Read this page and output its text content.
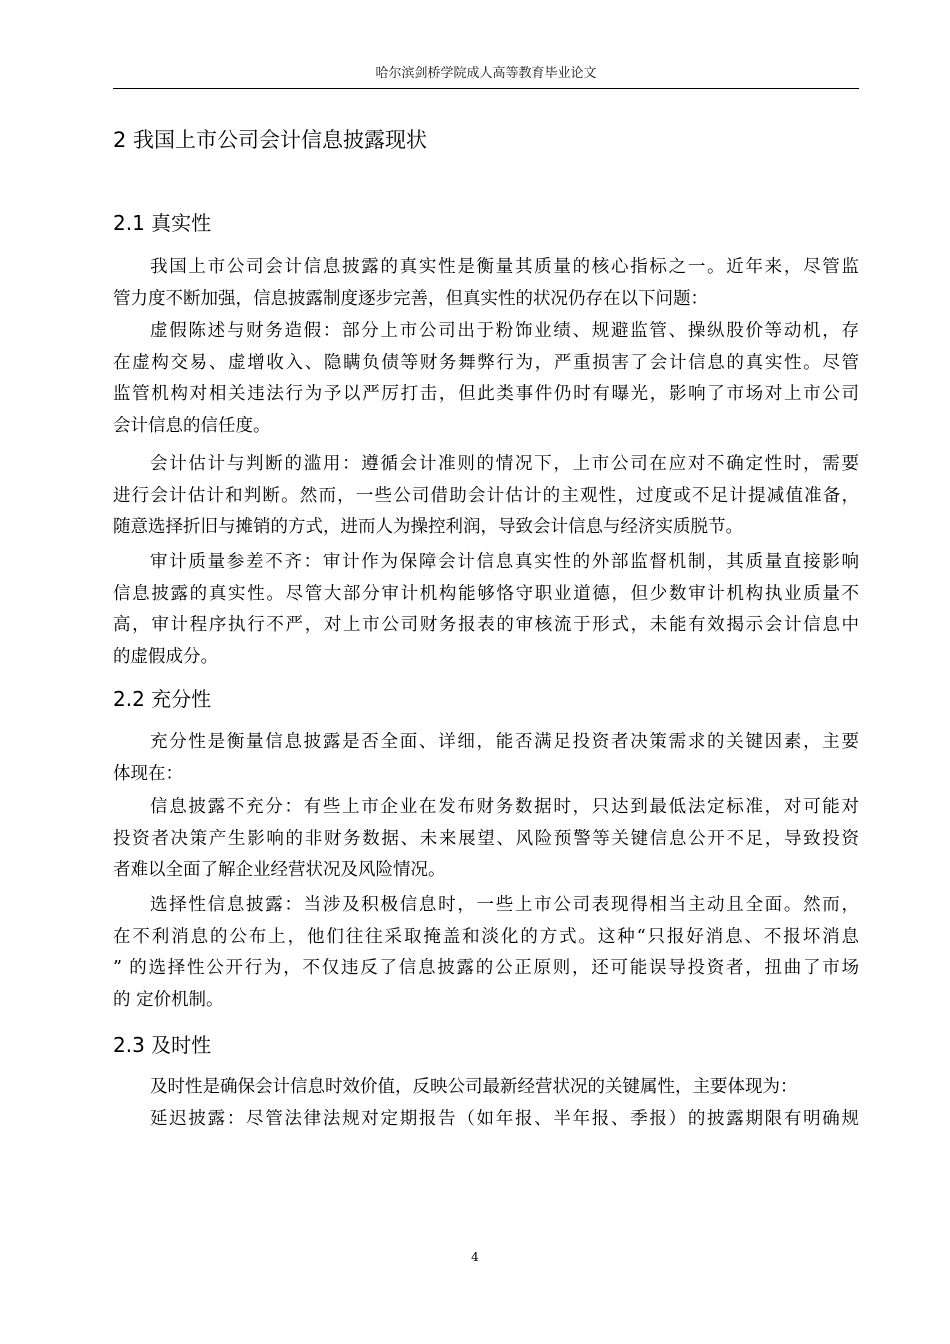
哈尔滨剑桥学院成人高等教育毕业论文
2 我国上市公司会计信息披露现状
2.1 真实性
我国上市公司会计信息披露的真实性是衡量其质量的核心指标之一。近年来，尽管监
管力度不断加强，信息披露制度逐步完善，但真实性的状况仍存在以下问题：
虚假陈述与财务造假：部分上市公司出于粉饰业绩、规避监管、操纵股价等动机，存
在虚构交易、虚增收入、隐瞒负债等财务舞弊行为，严重损害了会计信息的真实性。尽管
监管机构对相关违法行为予以严厉打击，但此类事件仍时有曝光，影响了市场对上市公司
会计信息的信任度。
会计估计与判断的滥用：遵循会计准则的情况下，上市公司在应对不确定性时，需要
进行会计估计和判断。然而，一些公司借助会计估计的主观性，过度或不足计提减值准备，
随意选择折旧与摊销的方式，进而人为操控利润，导致会计信息与经济实质脱节。
审计质量参差不齐：审计作为保障会计信息真实性的外部监督机制，其质量直接影响
信息披露的真实性。尽管大部分审计机构能够恪守职业道德，但少数审计机构执业质量不
高，审计程序执行不严，对上市公司财务报表的审核流于形式，未能有效揭示会计信息中
的虚假成分。
2.2 充分性
充分性是衡量信息披露是否全面、详细，能否满足投资者决策需求的关键因素，主要
体现在：
信息披露不充分：有些上市企业在发布财务数据时，只达到最低法定标准，对可能对
投资者决策产生影响的非财务数据、未来展望、风险预警等关键信息公开不足，导致投资
者难以全面了解企业经营状况及风险情况。
选择性信息披露：当涉及积极信息时，一些上市公司表现得相当主动且全面。然而，
在不利消息的公布上，他们往往采取掩盖和淡化的方式。这种“只报好消息、不报坏消息
” 的选择性公开行为，不仅违反了信息披露的公正原则，还可能误导投资者，扭曲了市场
的 定价机制。
2.3 及时性
及时性是确保会计信息时效价值，反映公司最新经营状况的关键属性，主要体现为：
延迟披露：尽管法律法规对定期报告（如年报、半年报、季报）的披露期限有明确规
4
